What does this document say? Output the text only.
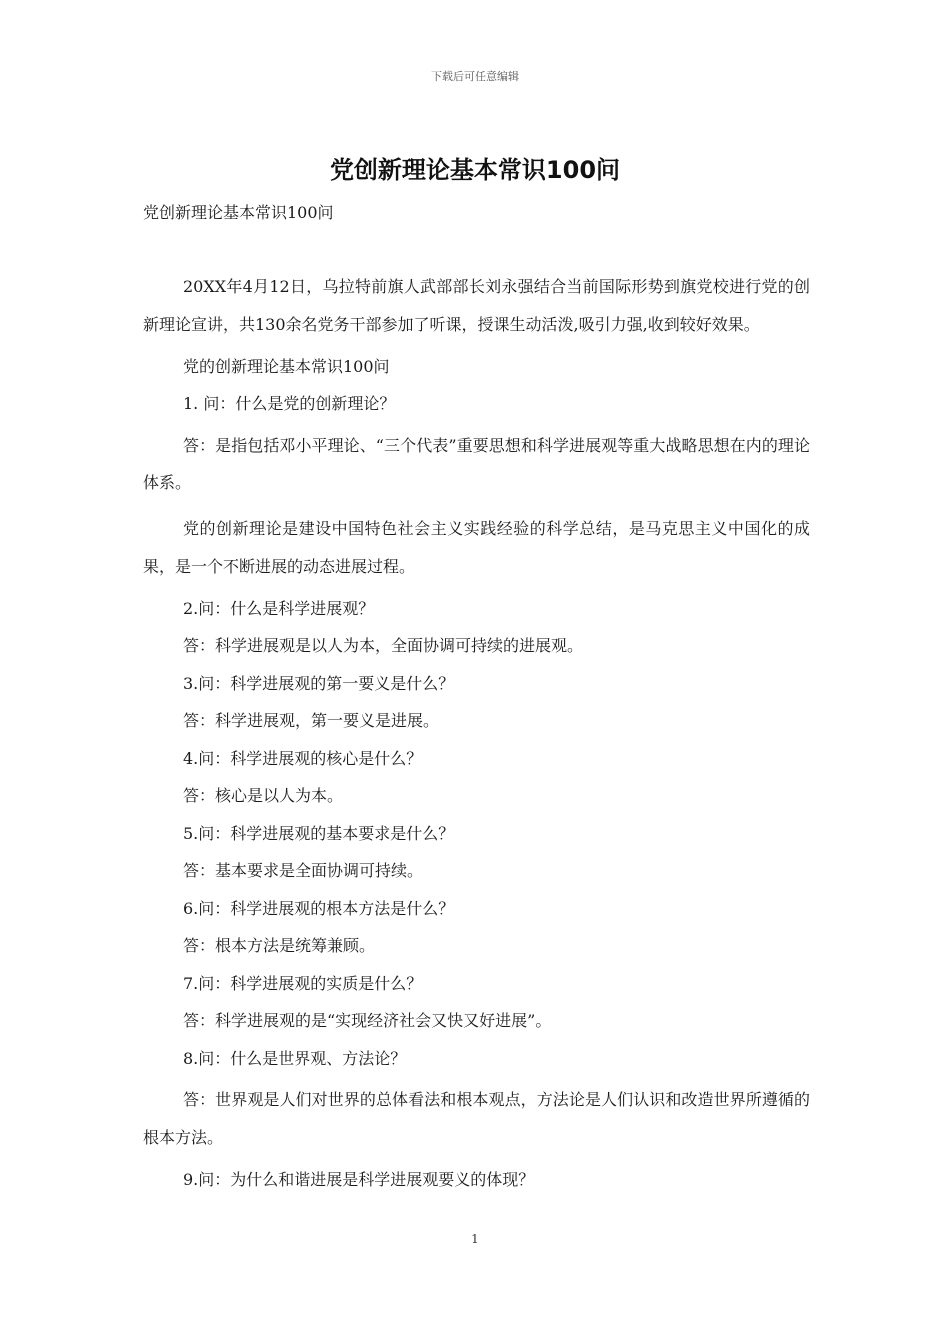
下载后可任意编辑
党创新理论基本常识100问
党创新理论基本常识100问

20XX年4月12日，乌拉特前旗人武部部长刘永强结合当前国际形势到旗党校进行党的创新理论宣讲，共130余名党务干部参加了听课，授课生动活泼,吸引力强,收到较好效果。

党的创新理论基本常识100问

1. 问：什么是党的创新理论？

答：是指包括邓小平理论、“三个代表”重要思想和科学进展观等重大战略思想在内的理论体系。

党的创新理论是建设中国特色社会主义实践经验的科学总结，是马克思主义中国化的成果，是一个不断进展的动态进展过程。

2.问：什么是科学进展观？

答：科学进展观是以人为本，全面协调可持续的进展观。

3.问：科学进展观的第一要义是什么？

答：科学进展观，第一要义是进展。

4.问：科学进展观的核心是什么？

答：核心是以人为本。

5.问：科学进展观的基本要求是什么？

答：基本要求是全面协调可持续。

6.问：科学进展观的根本方法是什么？

答：根本方法是统筹兼顾。

7.问：科学进展观的实质是什么？

答：科学进展观的是“实现经济社会又快又好进展”。

8.问：什么是世界观、方法论？

答：世界观是人们对世界的总体看法和根本观点，方法论是人们认识和改造世界所遵循的根本方法。

9.问：为什么和谐进展是科学进展观要义的体现？

1
